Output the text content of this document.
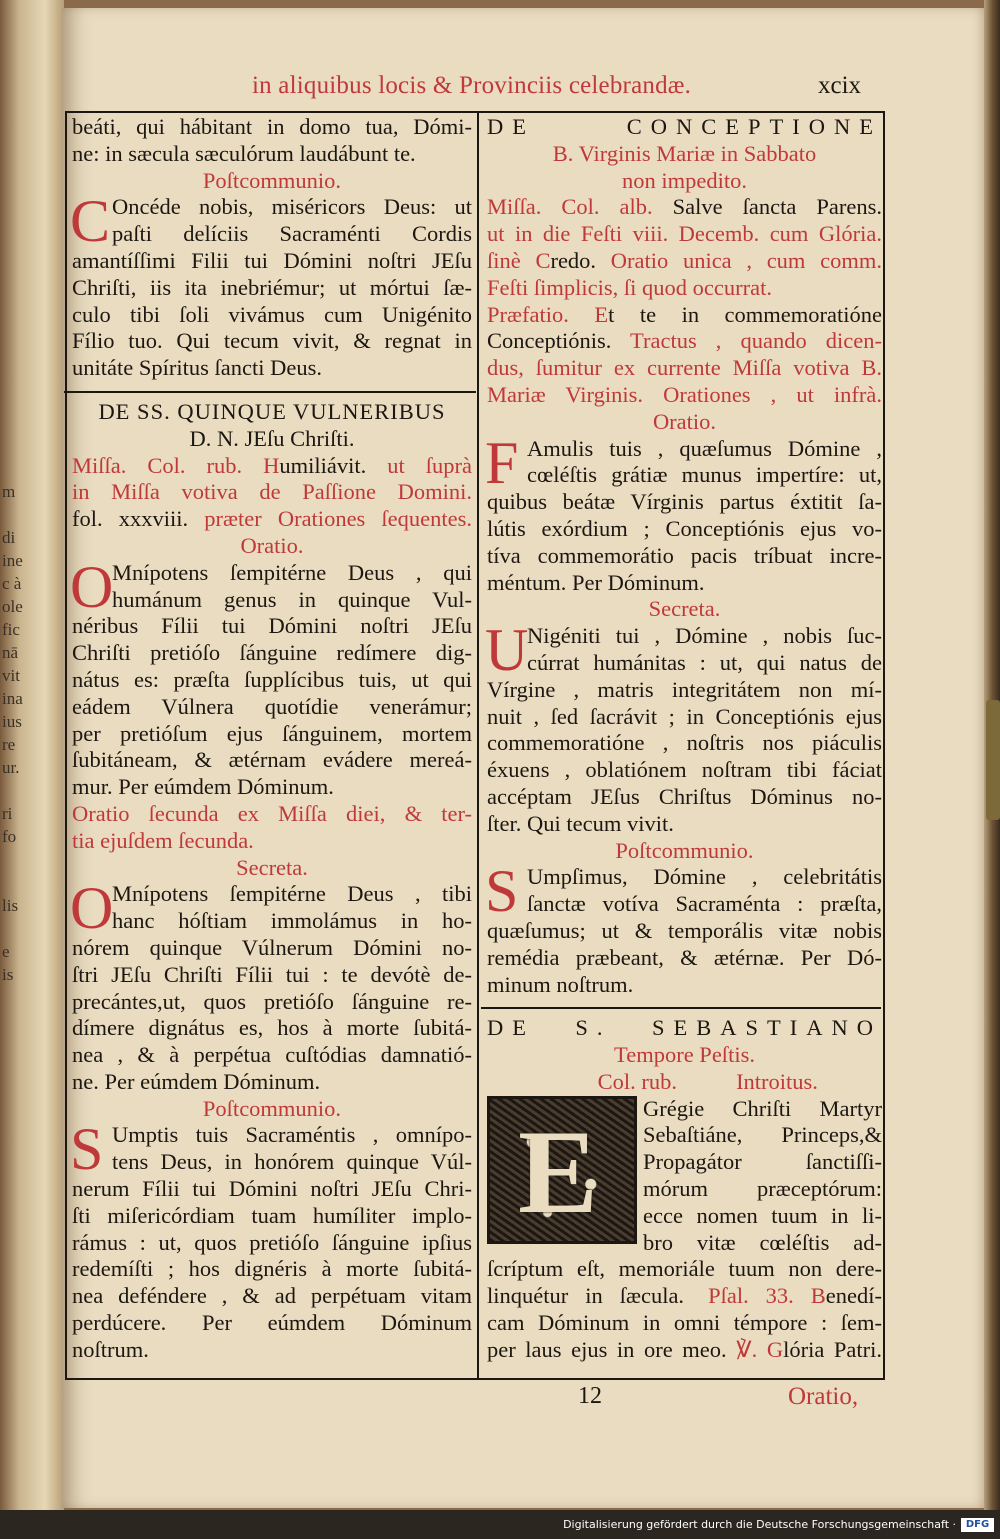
m
di
ine
c à
ole
fic
nā
vit
ina
ius
re
ur.
ri
fo
lis
e
is
in aliquibus locis & Provinciis celebrandæ.	xcix
beáti, qui hábitant in domo tua, Dómi-
ne: in sæcula sæculórum laudábunt te.
Poſtcommunio.
C Oncéde nobis, miséricors Deus: ut
paſti delíciis Sacraménti Cordis
amantíſſimi Filii tui Dómini noſtri JEſu
Chriſti, iis ita inebriémur; ut mórtui ſæ-
culo tibi ſoli vivámus cum Unigénito
Fílio tuo. Qui tecum vivit, & regnat in
unitáte Spíritus ſancti Deus.
DE SS. QUINQUE VULNERIBUS
D. N. JEſu Chriſti.
Miſſa. Col. rub. Humiliávit. ut ſuprà
in Miſſa votiva de Paſſione Domini.
fol. xxxviii. præter Orationes ſequentes.
Oratio.
O
Mnípotens ſempitérne Deus , qui
humánum genus in quinque Vul-
néribus Fílii tui Dómini noſtri JEſu
Chriſti pretióſo ſánguine redímere dig-
nátus es: præſta ſupplícibus tuis, ut qui
eádem Vúlnera quotídie venerámur;
per pretióſum ejus ſánguinem, mortem
ſubitáneam, & ætérnam evádere mereá-
mur. Per eúmdem Dóminum.
Oratio ſecunda ex Miſſa diei, & ter-
tia ejuſdem ſecunda.
Secreta.
O
Mnípotens ſempitérne Deus , tibi
hanc hóſtiam immolámus in ho-
nórem quinque Vúlnerum Dómini no-
ſtri JEſu Chriſti Fílii tui : te devótè de-
precántes,ut, quos pretióſo ſánguine re-
dímere dignátus es, hos à morte ſubitá-
nea , & à perpétua cuſtódias damnatió-
ne. Per eúmdem Dóminum.
Poſtcommunio.
S Umptis tuis Sacraméntis , omnípo-
tens Deus, in honórem quinque Vúl-
nerum Fílii tui Dómini noſtri JEſu Chri-
ſti miſericórdiam tuam humíliter implo-
rámus : ut, quos pretióſo ſánguine ipſius
redemíſti ; hos dignéris à morte ſubitá-
nea deféndere , & ad perpétuam vitam
perdúcere. Per eúmdem Dóminum
noſtrum.
DE CONCEPTIONE
B. Virginis Mariæ in Sabbato
non impedito.
Miſſa. Col. alb. Salve ſancta Parens.
ut in die Feſti viii. Decemb. cum Glória.
ſinè Credo. Oratio unica , cum comm.
Feſti ſimplicis, ſi quod occurrat.
Præfatio. Et te in commemoratióne
Conceptiónis. Tractus , quando dicen-
dus, ſumitur ex currente Miſſa votiva B.
Mariæ Virginis. Orationes , ut infrà.
Oratio.
F Amulis tuis , quæſumus Dómine ,
cœléſtis grátiæ munus impertíre: ut,
quibus beátæ Vírginis partus éxtitit ſa-
lútis exórdium ; Conceptiónis ejus vo-
tíva commemorátio pacis tríbuat incre-
méntum. Per Dóminum.
Secreta.
U
Nigéniti tui , Dómine , nobis ſuc-
cúrrat humánitas : ut, qui natus de
Vírgine , matris integritátem non mí-
nuit , ſed ſacrávit ; in Conceptiónis ejus
commemoratióne , noſtris nos piáculis
éxuens , oblatiónem noſtram tibi fáciat
accéptam JEſus Chriſtus Dóminus no-
ſter. Qui tecum vivit.
Poſtcommunio.
S Umpſimus, Dómine , celebritátis
ſanctæ votíva Sacraménta : præſta,
quæſumus; ut & temporális vitæ nobis
remédia præbeant, & ætérnæ. Per Dó-
minum noſtrum.
DE S. SEBASTIANO
Tempore Peſtis.
Col. rub.	Introitus.
E	Grégie Chriſti Martyr
Sebaſtiáne, Princeps,&
Propagátor ſanctiſſi-
mórum præceptórum:
ecce nomen tuum in li-
bro vitæ cœléſtis ad-
ſcríptum eſt, memoriále tuum non dere-
linquétur in ſæcula. Pſal. 33. Benedí-
cam Dóminum in omni témpore : ſem-
per laus ejus in ore meo. ℣. Glória Patri.
12	Oratio,
Digitalisierung gefördert durch die Deutsche Forschungsgemeinschaft · DFG
